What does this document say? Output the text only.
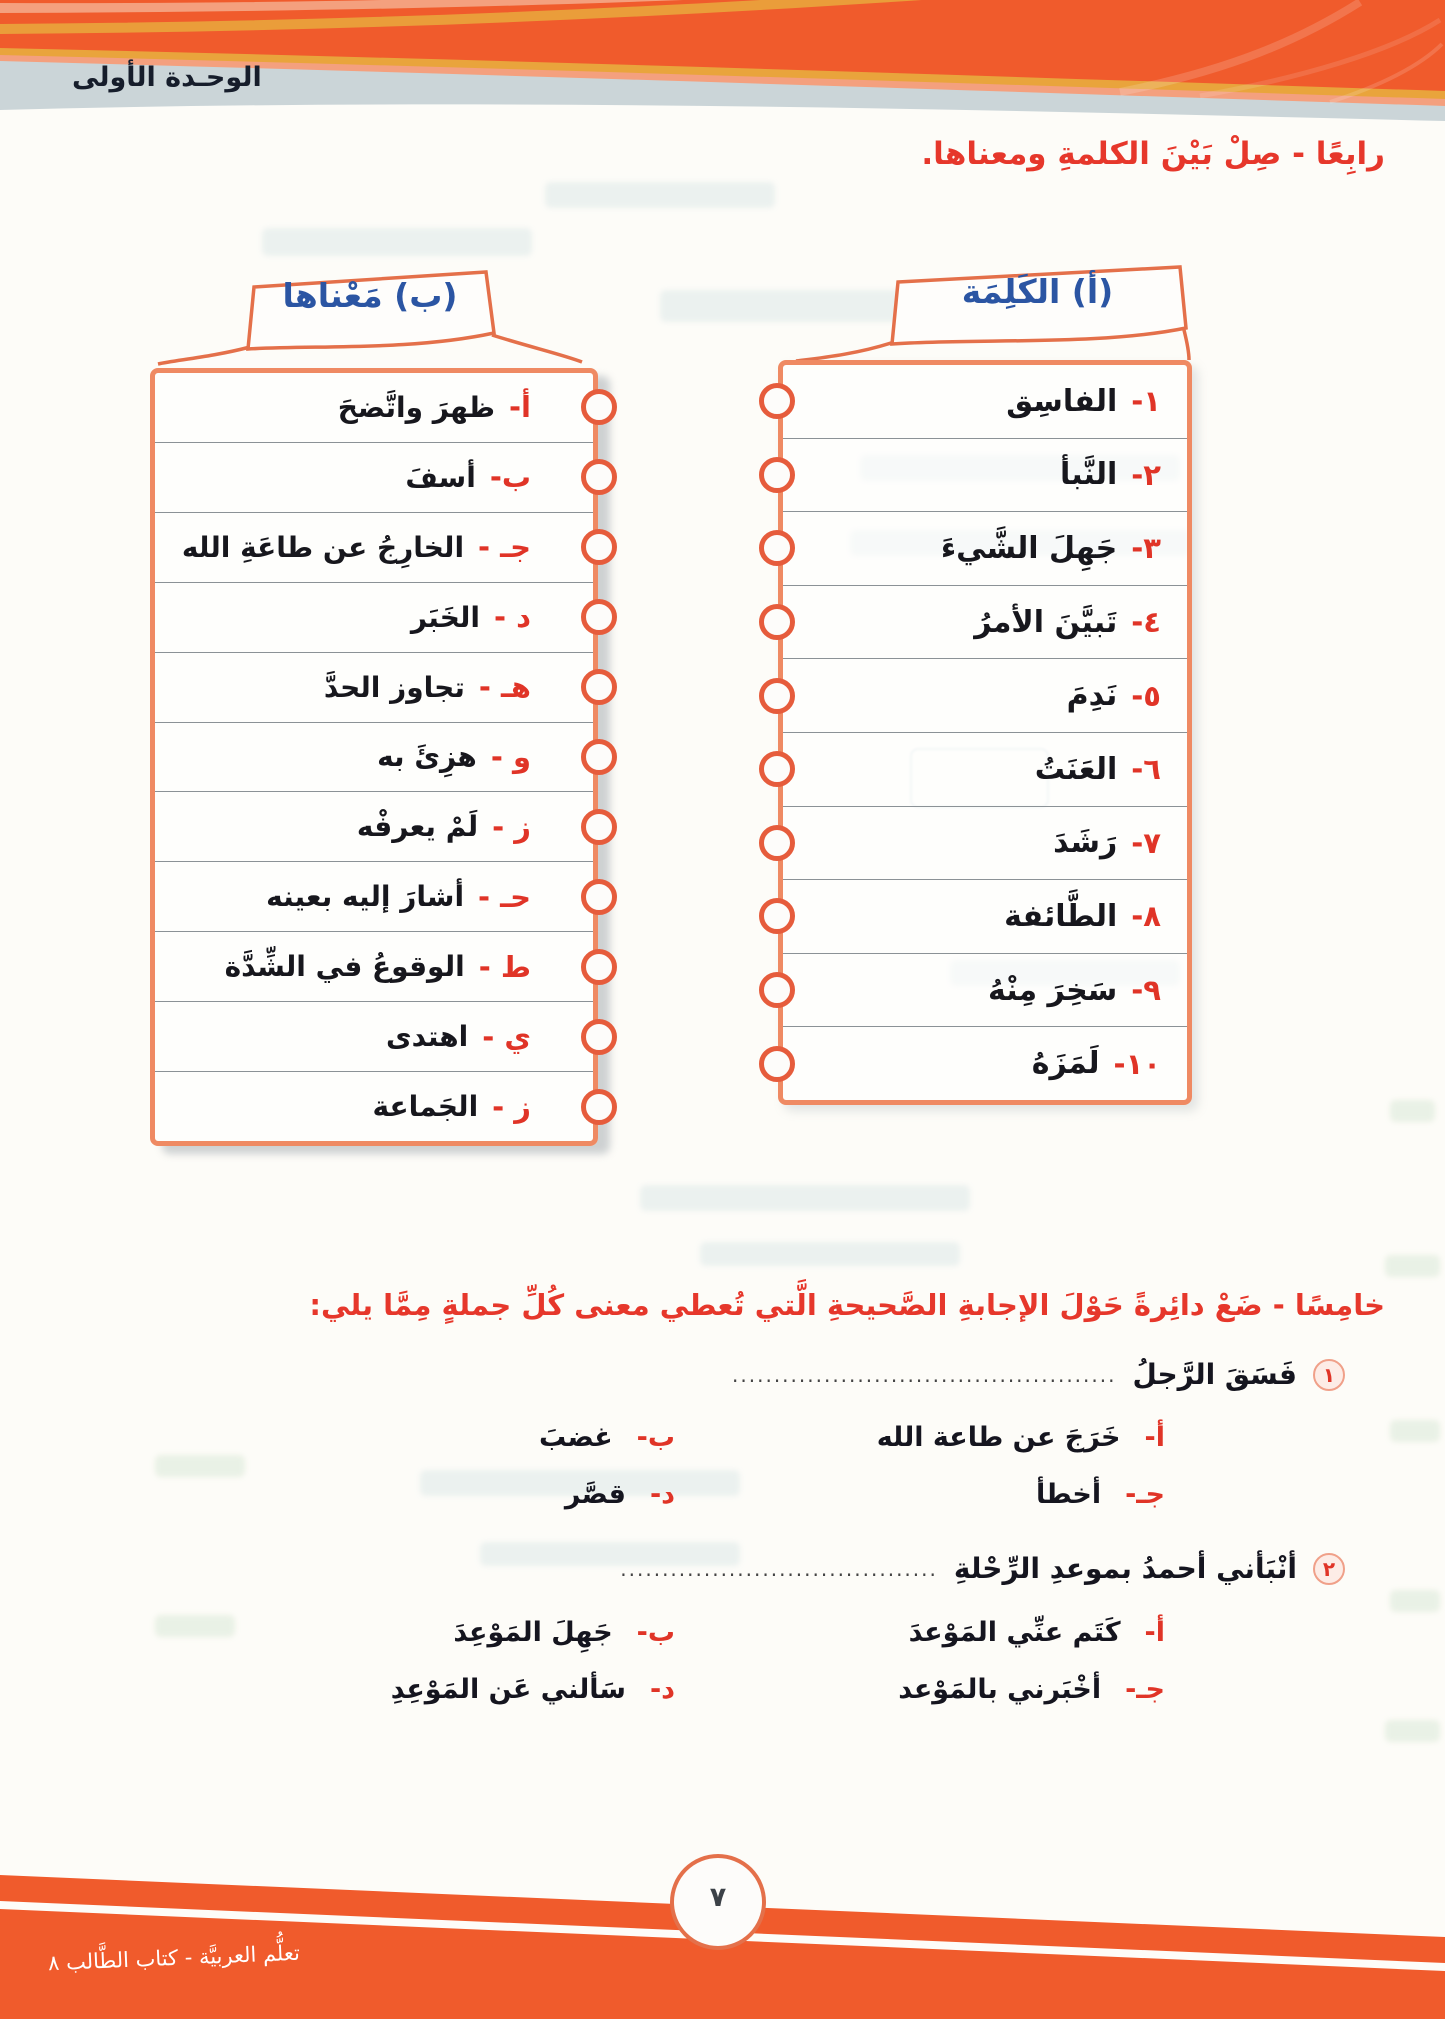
الوحـدة الأولى
رابِعًا - صِلْ بَيْنَ الكلمةِ ومعناها.
(أ) الكَلِمَة
(ب) مَعْناها
١-
الفاسِق
٢-
النَّبأ
٣-
جَهِلَ الشَّيءَ
٤-
تَبيَّنَ الأمرُ
٥-
نَدِمَ
٦-
العَنَتُ
٧-
رَشَدَ
٨-
الطَّائفة
٩-
سَخِرَ مِنْهُ
١٠-
لَمَزَهُ
أ-
ظهرَ واتَّضحَ
ب-
أسفَ
جـ -
الخارِجُ عن طاعَةِ الله
د -
الخَبَر
هـ -
تجاوز الحدَّ
و -
هزِئَ به
ز -
لَمْ يعرفْه
حـ -
أشارَ إليه بعينه
ط -
الوقوعُ في الشِّدَّة
ي -
اهتدى
ز -
الجَماعة
خامِسًا - ضَعْ دائِرةً حَوْلَ الإجابةِ الصَّحيحةِ الَّتي تُعطي معنى كُلِّ جملةٍ مِمَّا يلي:
١
فَسَقَ الرَّجلُ
..............................................
أ-
خَرَجَ عن طاعة الله
ب-
غضبَ
جـ-
أخطأ
د-
قصَّر
٢
أنْبَأني أحمدُ بموعدِ الرِّحْلةِ
......................................
أ-
كَتَم عنِّي المَوْعدَ
ب-
جَهِلَ المَوْعِدَ
جـ-
أخْبَرني بالمَوْعد
د-
سَألني عَن المَوْعِدِ
٧
تعلُّم العربيَّة - كتاب الطَّالب ٨
